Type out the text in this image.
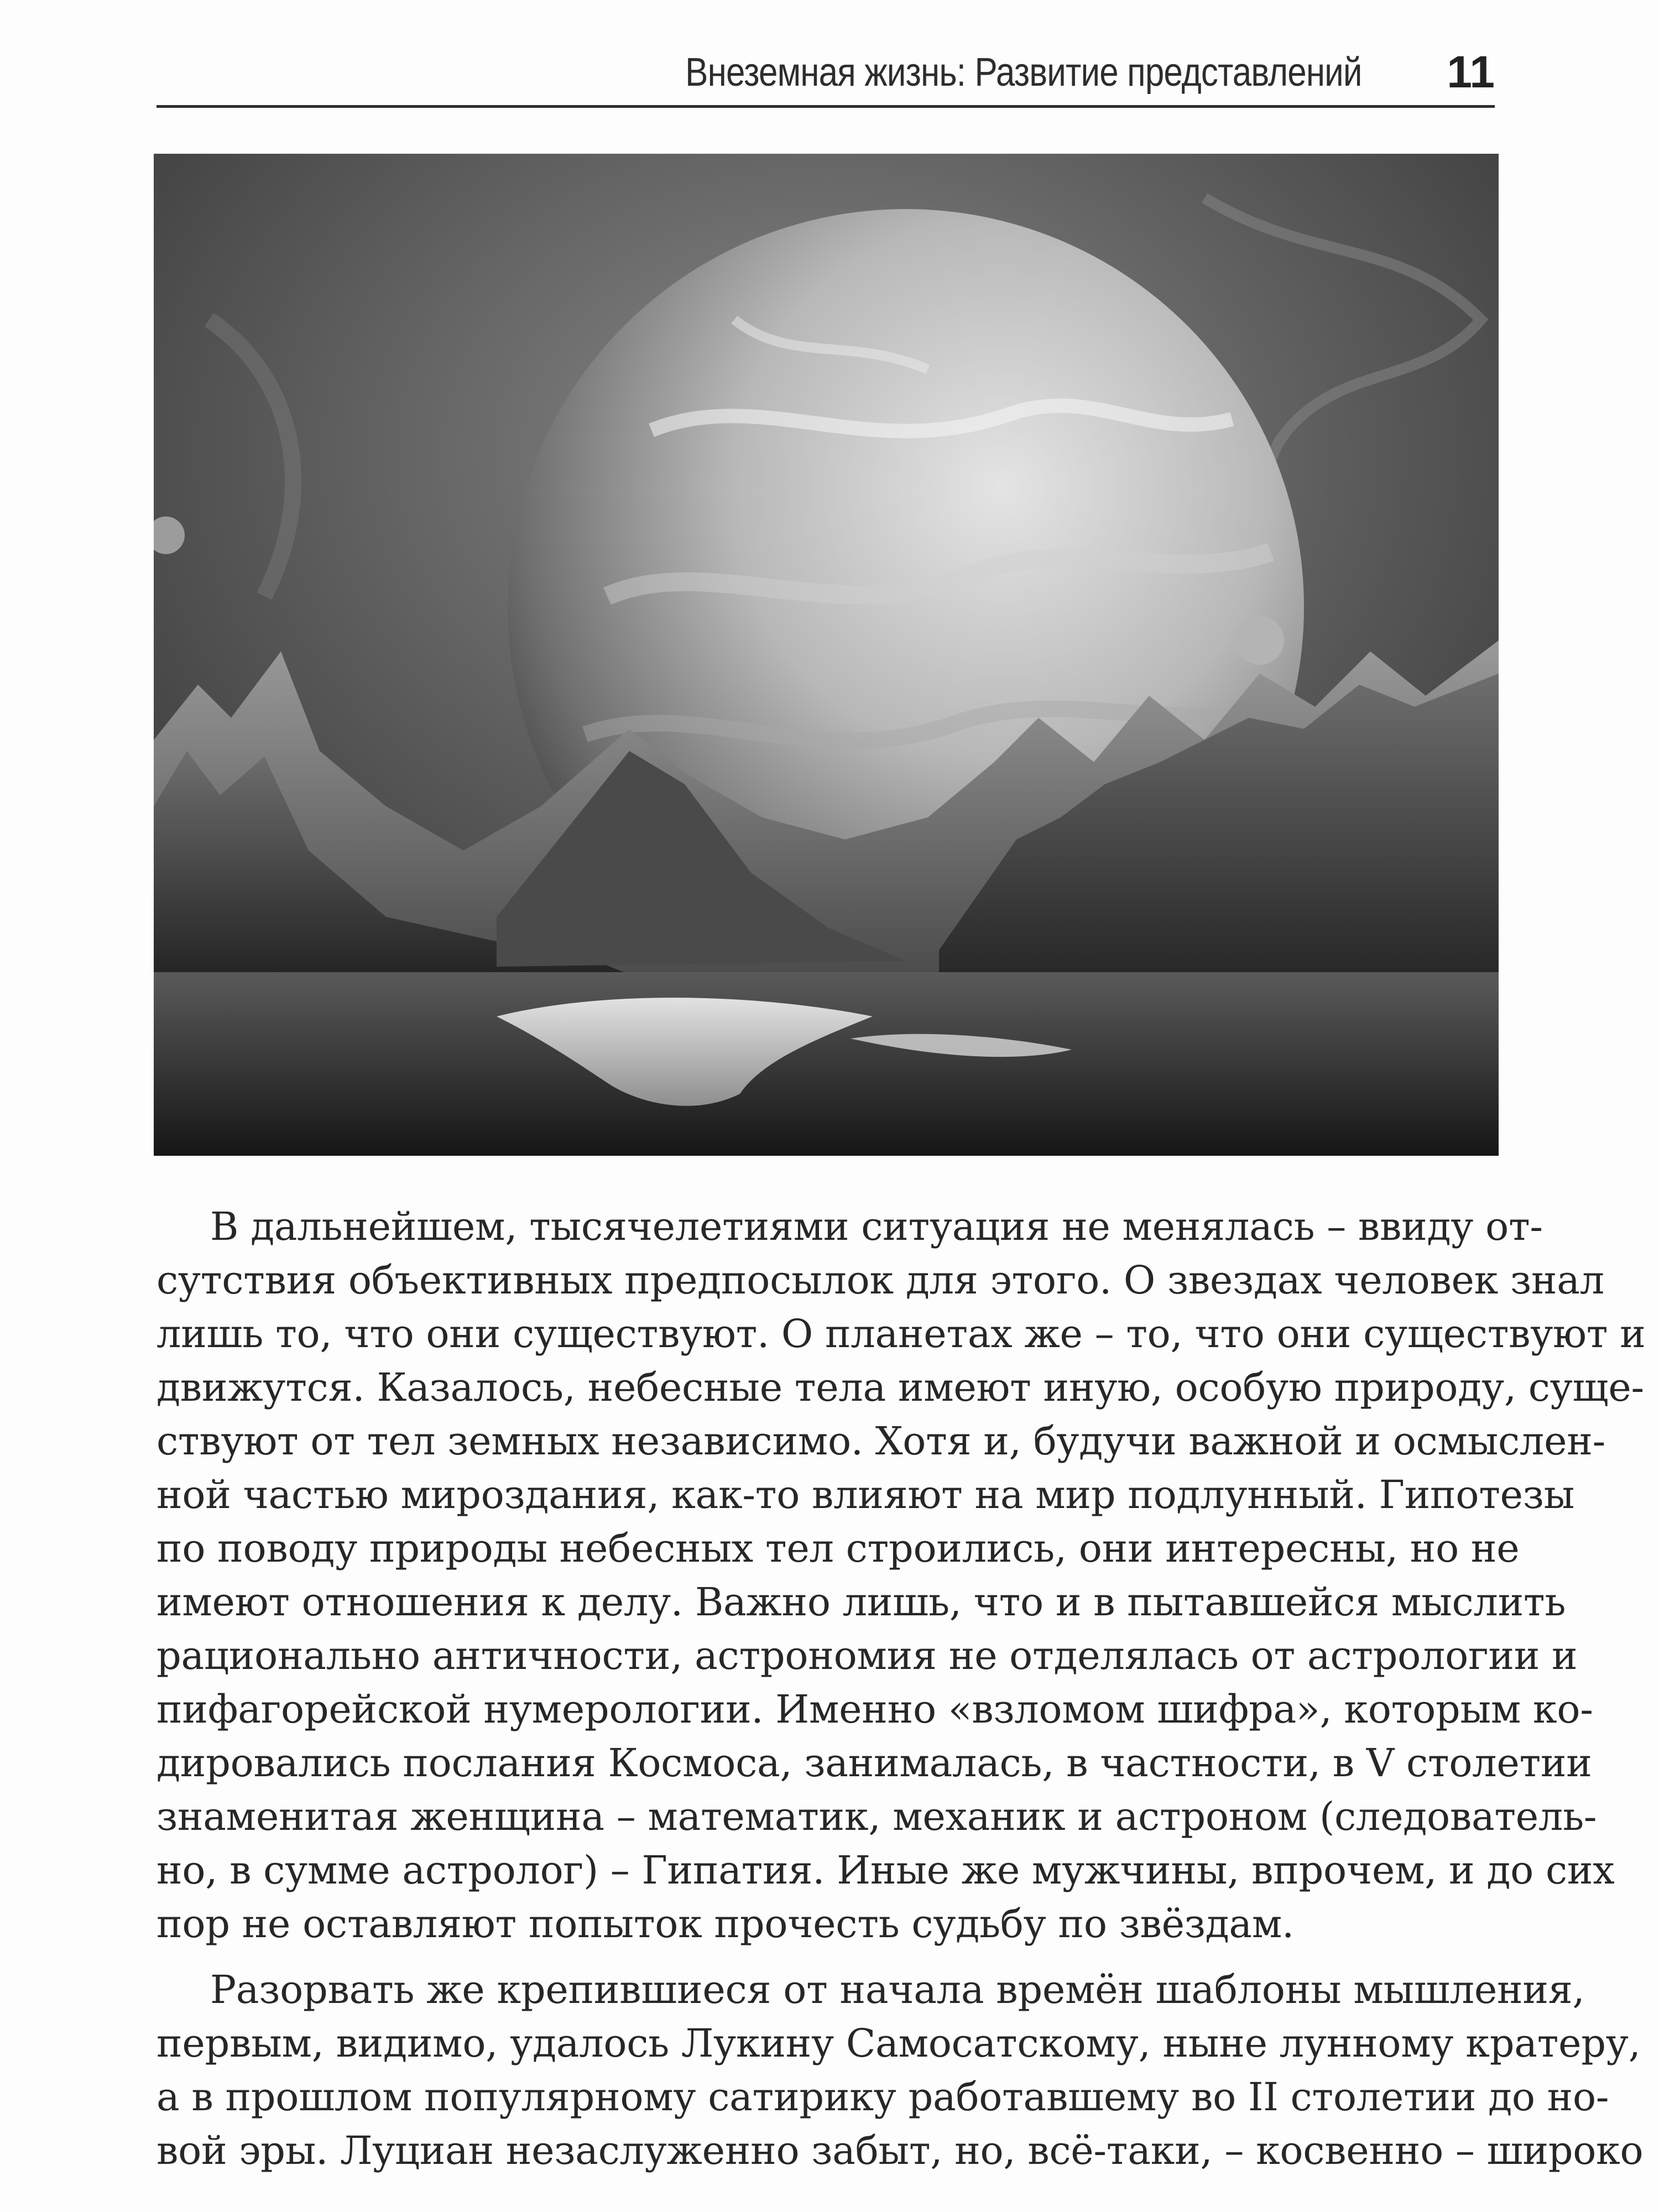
Внеземная жизнь: Развитие представлений 11
В дальнейшем, тысячелетиями ситуация не менялась – ввиду от-
сутствия объективных предпосылок для этого. О звездах человек знал
лишь то, что они существуют. О планетах же – то, что они существуют и
движутся. Казалось, небесные тела имеют иную, особую природу, суще-
ствуют от тел земных независимо. Хотя и, будучи важной и осмыслен-
ной частью мироздания, как-то влияют на мир подлунный. Гипотезы
по поводу природы небесных тел строились, они интересны, но не
имеют отношения к делу. Важно лишь, что и в пытавшейся мыслить
рационально античности, астрономия не отделялась от астрологии и
пифагорейской нумерологии. Именно «взломом шифра», которым ко-
дировались послания Космоса, занималась, в частности, в V столетии
знаменитая женщина – математик, механик и астроном (следователь-
но, в сумме астролог) – Гипатия. Иные же мужчины, впрочем, и до сих
пор не оставляют попыток прочесть судьбу по звёздам.
Разорвать же крепившиеся от начала времён шаблоны мышления,
первым, видимо, удалось Лукину Самосатскому, ныне лунному кратеру,
а в прошлом популярному сатирику работавшему во II столетии до но-
вой эры. Луциан незаслуженно забыт, но, всё-таки, – косвенно – широко
